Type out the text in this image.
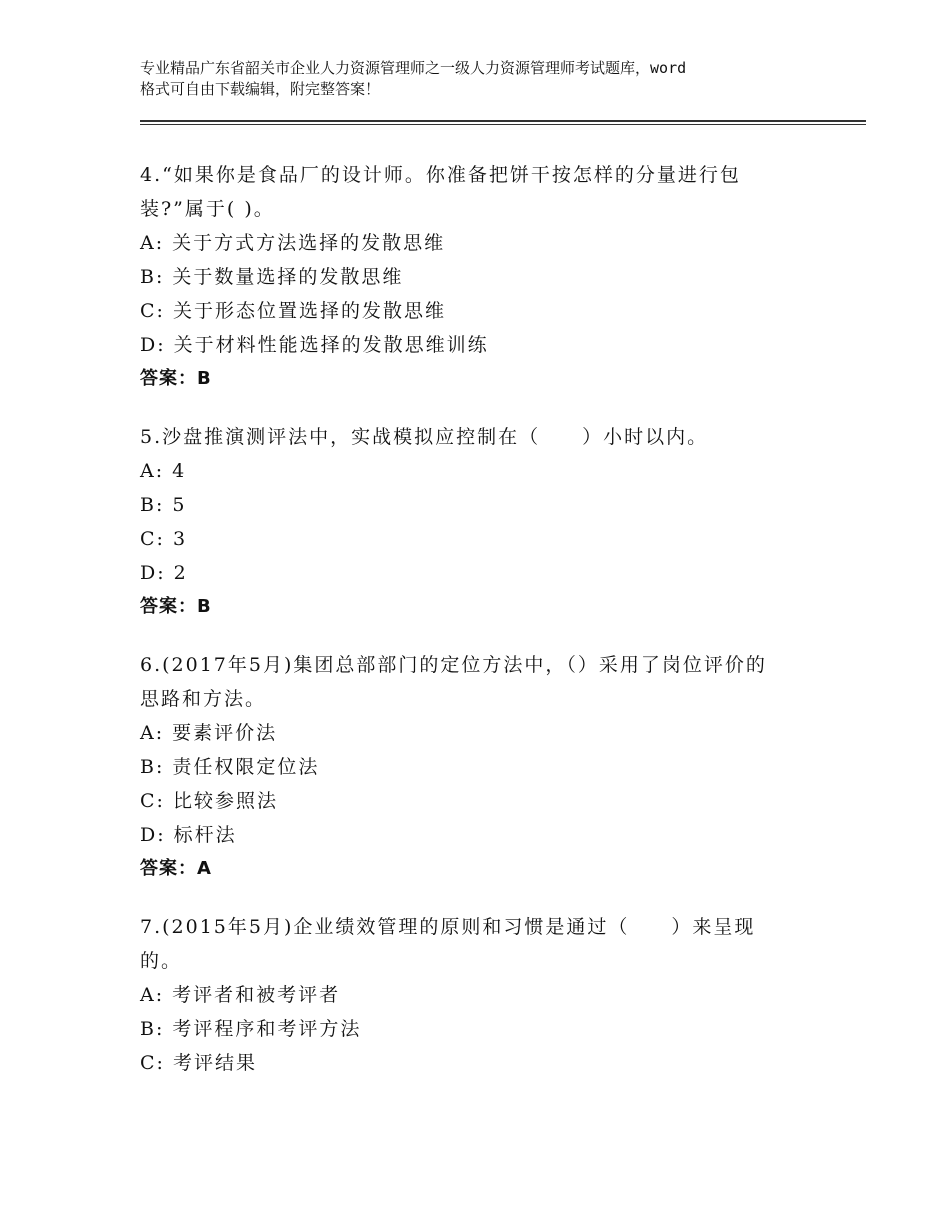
专业精品广东省韶关市企业人力资源管理师之一级人力资源管理师考试题库，word
格式可自由下载编辑，附完整答案！
4.“如果你是食品厂的设计师。你准备把饼干按怎样的分量进行包
装?”属于( )。
A: 关于方式方法选择的发散思维
B: 关于数量选择的发散思维
C: 关于形态位置选择的发散思维
D: 关于材料性能选择的发散思维训练
答案：B
5.沙盘推演测评法中，实战模拟应控制在（　　）小时以内。
A: 4
B: 5
C: 3
D: 2
答案：B
6.(2017年5月)集团总部部门的定位方法中，（）采用了岗位评价的
思路和方法。
A: 要素评价法
B: 责任权限定位法
C: 比较参照法
D: 标杆法
答案：A
7.(2015年5月)企业绩效管理的原则和习惯是通过（　　）来呈现
的。
A: 考评者和被考评者
B: 考评程序和考评方法
C: 考评结果
